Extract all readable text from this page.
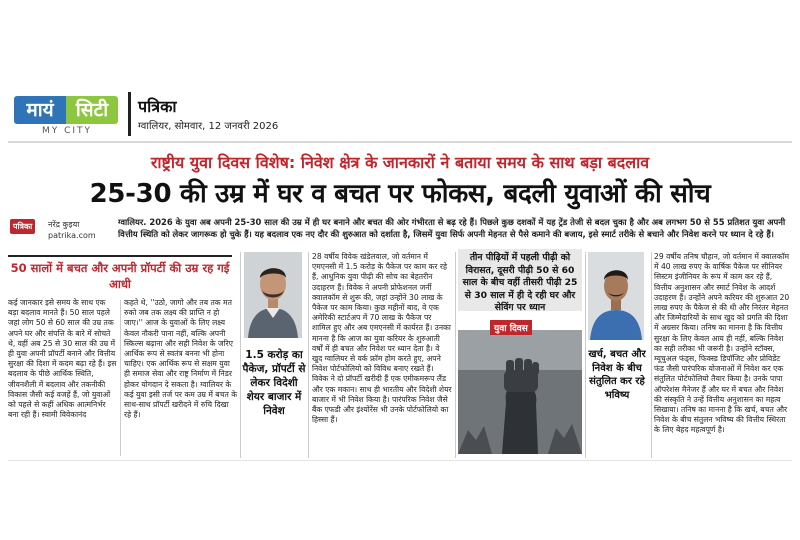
मायं	सिटी
MY CITY
पत्रिका
ग्वालियर, सोमवार, 12 जनवरी 2026
राष्ट्रीय युवा दिवस विशेष: निवेश क्षेत्र के जानकारों ने बताया समय के साथ बड़ा बदलाव
25-30 की उम्र में घर व बचत पर फोकस, बदली युवाओं की सोच
पत्रिका	नरेंद्र कुइया
patrika.com
ग्वालियर. 2026 के युवा अब अपनी 25-30 साल की उम्र में ही घर बनाने और बचत की ओर गंभीरता से बढ़ रहे हैं। पिछले कुछ दशकों में यह ट्रेंड तेजी से बदल चुका है और अब लगभग 50 से 55 प्रतिशत युवा अपनी वित्तीय स्थिति को लेकर जागरूक हो चुके हैं। यह बदलाव एक नए दौर की शुरुआत को दर्शाता है, जिसमें युवा सिर्फ अपनी मेहनत से पैसे कमाने की बजाय, इसे स्मार्ट तरीके से बचाने और निवेश करने पर ध्यान दे रहे हैं।
50 सालों में बचत और अपनी प्रॉपर्टी की उम्र रह गई आधी
कई जानकार इसे समय के साथ एक बड़ा बदलाव मानते हैं। 50 साल पहले जहां लोग 50 से 60 साल की उम्र तक अपने घर और संपत्ति के बारे में सोचते थे, वहीं अब 25 से 30 साल की उम्र में ही युवा अपनी प्रॉपर्टी बनाने और वित्तीय सुरक्षा की दिशा में कदम बढ़ा रहे हैं। इस बदलाव के पीछे आर्थिक स्थिति, जीवनशैली में बदलाव और तकनीकी विकास जैसी कई वजहें हैं, जो युवाओं को पहले से कहीं अधिक आत्मनिर्भर बना रही हैं। स्वामी विवेकानंद
कहते थे, ''उठो, जागो और तब तक मत रुको जब तक लक्ष्य की प्राप्ति न हो जाए।'' आज के युवाओं के लिए लक्ष्य केवल नौकरी पाना नहीं, बल्कि अपनी स्किल्स बढ़ाना और सही निवेश के जरिए आर्थिक रूप से स्वतंत्र बनना भी होना चाहिए। एक आर्थिक रूप से सक्षम युवा ही समाज सेवा और राष्ट्र निर्माण में निडर होकर योगदान दे सकता है। ग्वालियर के कई युवा इसी तर्ज पर कम उम्र में बचत के साथ-साथ प्रॉपर्टी खरीदने में रुचि दिखा रहे हैं।
1.5 करोड़ का पैकेज, प्रॉपर्टी से लेकर विदेशी शेयर बाजार में निवेश
28 वर्षीय विवेक खंडेलवाल, जो वर्तमान में एमएनसी में 1.5 करोड़ के पैकेज पर काम कर रहे हैं, आधुनिक युवा पीढ़ी की सोच का बेहतरीन उदाहरण हैं। विवेक ने अपनी प्रोफेशनल जर्नी क्वालकॉम से शुरू की, जहां उन्होंने 30 लाख के पैकेज पर काम किया। कुछ महीनों बाद, वे एक अमेरिकी स्टार्टअप में 70 लाख के पैकेज पर शामिल हुए और अब एमएनसी में कार्यरत हैं। उनका मानना है कि आज का युवा करियर के शुरुआती वर्षों में ही बचत और निवेश पर ध्यान देता है। वे खुद ग्वालियर से वर्क फ्रॉम होम करते हुए, अपने निवेश पोर्टफोलियो को विविध बनाए रखते हैं। विवेक ने दो प्रॉपर्टी खरीदी हैं एक एमीकमरूप लैंड और एक मकान। साथ ही भारतीय और विदेशी शेयर बाजार में भी निवेश किया है। पारंपरिक निवेश जैसे बैंक एफडी और इंश्योरेंस भी उनके पोर्टफोलियो का हिस्सा हैं।
तीन पीढ़ियों में पहली पीढ़ी को विरासत, दूसरी पीढ़ी 50 से 60 साल के बीच वहीं तीसरी पीढ़ी 25 से 30 साल में ही दे रही घर और सेविंग पर ध्यान
युवा दिवस
खर्च, बचत और निवेश के बीच संतुलित कर रहे भविष्य
29 वर्षीय तनिष चौहान, जो वर्तमान में क्वालकॉम में 40 लाख रुपए के वार्षिक पैकेज पर सीनियर सिस्टम इंजीनियर के रूप में काम कर रहे हैं, वित्तीय अनुशासन और स्मार्ट निवेश के आदर्श उदाहरण हैं। उन्होंने अपने करियर की शुरुआत 20 लाख रुपए के पैकेज से की थी और निरंतर मेहनत और जिम्मेदारियों के साथ खुद को प्रगति की दिशा में अग्रसर किया। तनिष का मानना है कि वित्तीय सुरक्षा के लिए केवल आय ही नहीं, बल्कि निवेश का सही तरीका भी जरूरी है। उन्होंने स्टॉक्स, म्यूचुअल फंड्स, फिक्स्ड डिपॉजिट और प्रोविडेंट फंड जैसी पारंपरिक योजनाओं में निवेश कर एक संतुलित पोर्टफोलियो तैयार किया है। उनके पापा ऑपरेशंस मैनेजर हैं और घर में बचत और निवेश की संस्कृति ने उन्हें वित्तीय अनुशासन का महत्व सिखाया। तनिष का मानना है कि खर्च, बचत और निवेश के बीच संतुलन भविष्य की वित्तीय स्थिरता के लिए बेहद महत्वपूर्ण है।
